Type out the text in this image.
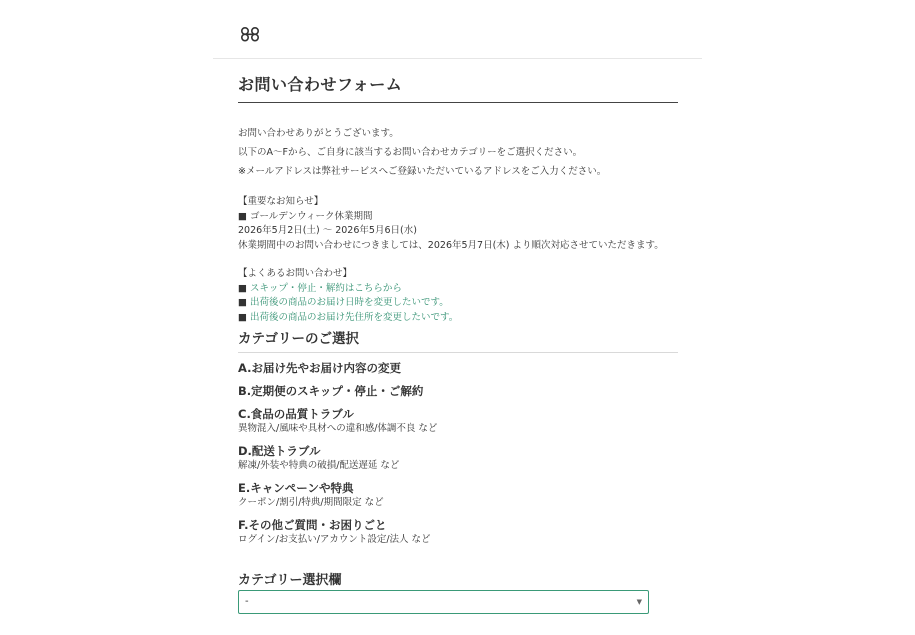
お問い合わせフォーム

お問い合わせありがとうございます。

以下のA〜Fから、ご自身に該当するお問い合わせカテゴリーをご選択ください。

※メールアドレスは弊社サービスへご登録いただいているアドレスをご入力ください。

【重要なお知らせ】

■ ゴールデンウィーク休業期間

2026年5月2日(土) 〜 2026年5月6日(水)

休業期間中のお問い合わせにつきましては、2026年5月7日(木) より順次対応させていただきます。

【よくあるお問い合わせ】

■ スキップ・停止・解約はこちらから

■ 出荷後の商品のお届け日時を変更したいです。

■ 出荷後の商品のお届け先住所を変更したいです。

カテゴリーのご選択

A.お届け先やお届け内容の変更

B.定期便のスキップ・停止・ご解約

C.食品の品質トラブル

異物混入/風味や具材への違和感/体調不良 など

D.配送トラブル

解凍/外装や特典の破損/配送遅延 など

E.キャンペーンや特典

クーポン/割引/特典/期間限定 など

F.その他ご質問・お困りごと

ログイン/お支払い/アカウント設定/法人 など

カテゴリー選択欄

-	▼
